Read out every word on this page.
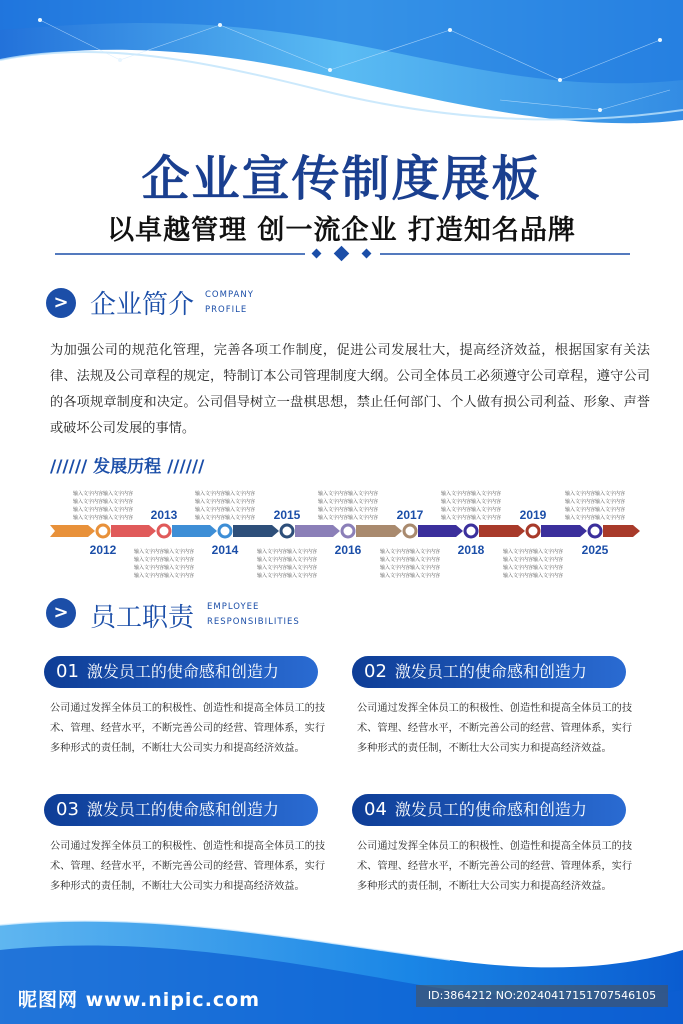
企业宣传制度展板
以卓越管理 创一流企业 打造知名品牌
> 企业简介 COMPANY
PROFILE
为加强公司的规范化管理，完善各项工作制度，促进公司发展壮大，提高经济效益，根据国家有关法律、法规及公司章程的规定，特制订本公司管理制度大纲。公司全体员工必须遵守公司章程，遵守公司的各项规章制度和决定。公司倡导树立一盘棋思想，禁止任何部门、个人做有损公司利益、形象、声誉或破坏公司发展的事情。
////// 发展历程 //////
2012
输入文字内容输入文字内容
输入文字内容输入文字内容
输入文字内容输入文字内容
输入文字内容输入文字内容 2013
输入文字内容输入文字内容
输入文字内容输入文字内容
输入文字内容输入文字内容
输入文字内容输入文字内容
2014
输入文字内容输入文字内容
输入文字内容输入文字内容
输入文字内容输入文字内容
输入文字内容输入文字内容 2015
输入文字内容输入文字内容
输入文字内容输入文字内容
输入文字内容输入文字内容
输入文字内容输入文字内容
2016
输入文字内容输入文字内容
输入文字内容输入文字内容
输入文字内容输入文字内容
输入文字内容输入文字内容 2017
输入文字内容输入文字内容
输入文字内容输入文字内容
输入文字内容输入文字内容
输入文字内容输入文字内容
2018
输入文字内容输入文字内容
输入文字内容输入文字内容
输入文字内容输入文字内容
输入文字内容输入文字内容 2019
输入文字内容输入文字内容
输入文字内容输入文字内容
输入文字内容输入文字内容
输入文字内容输入文字内容
2025
输入文字内容输入文字内容
输入文字内容输入文字内容
输入文字内容输入文字内容
输入文字内容输入文字内容
> 员工职责 EMPLOYEE
RESPONSIBILITIES
01 激发员工的使命感和创造力
公司通过发挥全体员工的积极性、创造性和提高全体员工的技术、管理、经营水平，不断完善公司的经营、管理体系，实行多种形式的责任制，不断壮大公司实力和提高经济效益。
02 激发员工的使命感和创造力
公司通过发挥全体员工的积极性、创造性和提高全体员工的技术、管理、经营水平，不断完善公司的经营、管理体系，实行多种形式的责任制，不断壮大公司实力和提高经济效益。
03 激发员工的使命感和创造力
公司通过发挥全体员工的积极性、创造性和提高全体员工的技术、管理、经营水平，不断完善公司的经营、管理体系，实行多种形式的责任制，不断壮大公司实力和提高经济效益。
04 激发员工的使命感和创造力
公司通过发挥全体员工的积极性、创造性和提高全体员工的技术、管理、经营水平，不断完善公司的经营、管理体系，实行多种形式的责任制，不断壮大公司实力和提高经济效益。
昵图网 www.nipic.com	ID:3864212 NO:20240417151707546105
